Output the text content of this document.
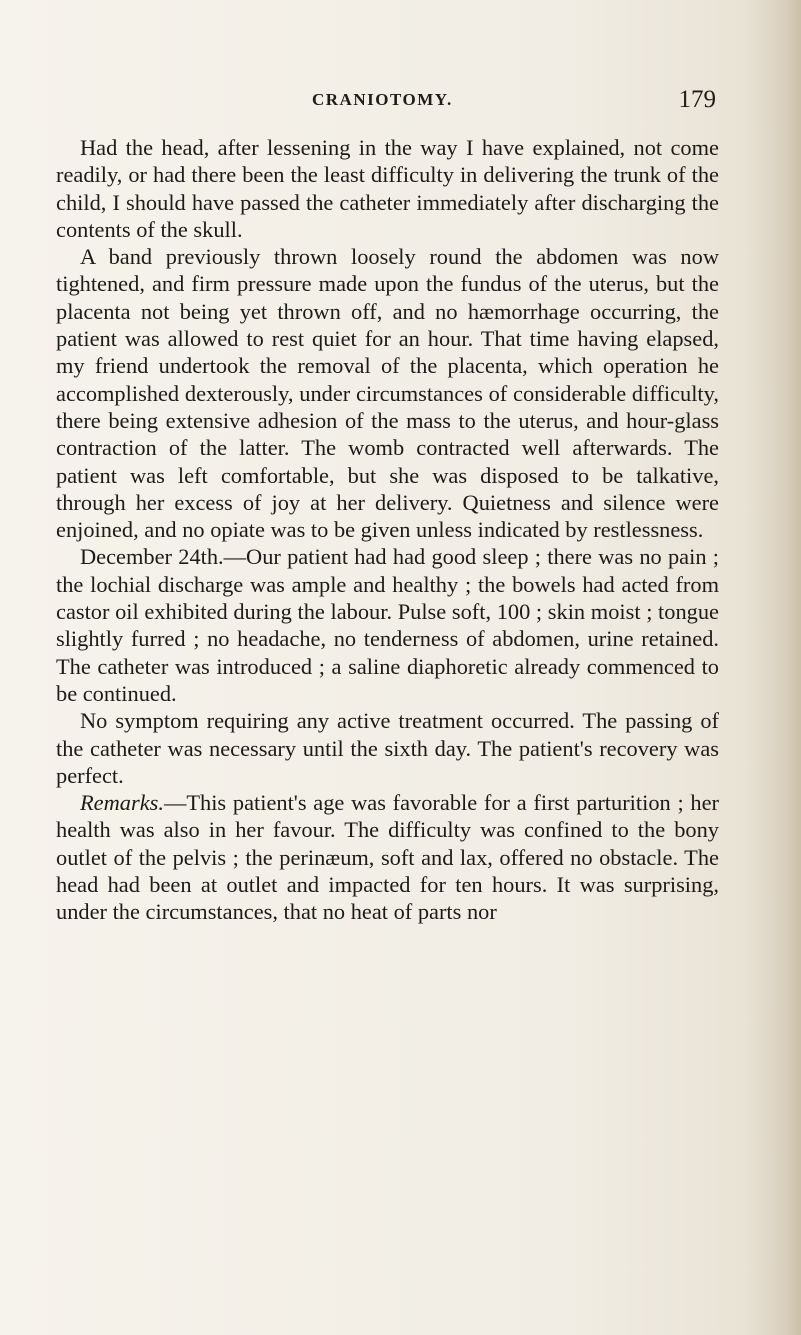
CRANIOTOMY.	179

Had the head, after lessening in the way I have explained, not come readily, or had there been the least difficulty in delivering the trunk of the child, I should have passed the catheter immediately after discharging the contents of the skull.

A band previously thrown loosely round the abdomen was now tightened, and firm pressure made upon the fundus of the uterus, but the placenta not being yet thrown off, and no hæmorrhage occurring, the patient was allowed to rest quiet for an hour. That time having elapsed, my friend undertook the removal of the placenta, which operation he accomplished dexterously, under circumstances of considerable difficulty, there being extensive adhesion of the mass to the uterus, and hour-glass contraction of the latter. The womb contracted well afterwards. The patient was left comfortable, but she was disposed to be talkative, through her excess of joy at her delivery. Quietness and silence were enjoined, and no opiate was to be given unless indicated by restlessness.

December 24th.—Our patient had had good sleep ; there was no pain ; the lochial discharge was ample and healthy ; the bowels had acted from castor oil exhibited during the labour. Pulse soft, 100 ; skin moist ; tongue slightly furred ; no headache, no tenderness of abdomen, urine retained. The catheter was introduced ; a saline diaphoretic already commenced to be continued.

No symptom requiring any active treatment occurred. The passing of the catheter was necessary until the sixth day. The patient's recovery was perfect.

Remarks.—This patient's age was favorable for a first parturition ; her health was also in her favour. The difficulty was confined to the bony outlet of the pelvis ; the perinæum, soft and lax, offered no obstacle. The head had been at outlet and impacted for ten hours. It was surprising, under the circumstances, that no heat of parts nor
